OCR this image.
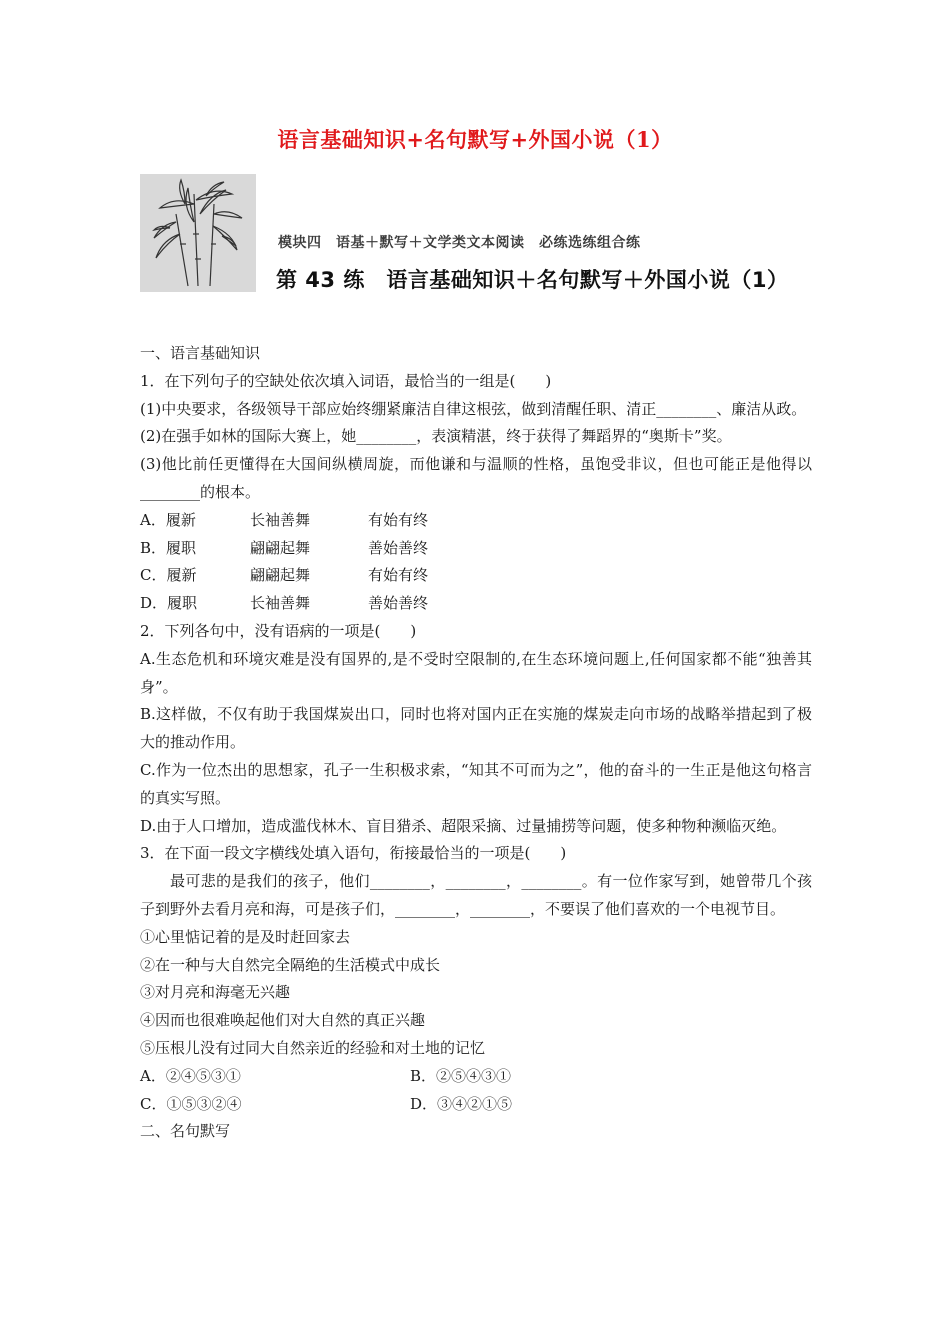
语言基础知识+名句默写+外国小说（1）
模块四　语基＋默写＋文学类文本阅读　必练选练组合练
第 43 练　语言基础知识＋名句默写＋外国小说（1）

一、语言基础知识

1．在下列句子的空缺处依次填入词语，最恰当的一组是(　　)

(1)中央要求，各级领导干部应始终绷紧廉洁自律这根弦，做到清醒任职、清正________、廉洁从政。

(2)在强手如林的国际大赛上，她________，表演精湛，终于获得了舞蹈界的“奥斯卡”奖。

(3)他比前任更懂得在大国间纵横周旋，而他谦和与温顺的性格，虽饱受非议，但也可能正是他得以________的根本。

A．履新	长袖善舞	有始有终
B．履职	翩翩起舞	善始善终
C．履新	翩翩起舞	有始有终
D．履职	长袖善舞	善始善终

2．下列各句中，没有语病的一项是(　　)

A.生态危机和环境灾难是没有国界的,是不受时空限制的,在生态环境问题上,任何国家都不能“独善其身”。

B.这样做，不仅有助于我国煤炭出口，同时也将对国内正在实施的煤炭走向市场的战略举措起到了极大的推动作用。

C.作为一位杰出的思想家，孔子一生积极求索，“知其不可而为之”，他的奋斗的一生正是他这句格言的真实写照。

D.由于人口增加，造成滥伐林木、盲目猎杀、超限采摘、过量捕捞等问题，使多种物种濒临灭绝。

3．在下面一段文字横线处填入语句，衔接最恰当的一项是(　　)

最可悲的是我们的孩子，他们________，________，________。有一位作家写到，她曾带几个孩子到野外去看月亮和海，可是孩子们，________，________，不要误了他们喜欢的一个电视节目。

①心里惦记着的是及时赶回家去

②在一种与大自然完全隔绝的生活模式中成长

③对月亮和海毫无兴趣

④因而也很难唤起他们对大自然的真正兴趣

⑤压根儿没有过同大自然亲近的经验和对土地的记忆

A．②④⑤③①	B．②⑤④③①
C．①⑤③②④	D．③④②①⑤

二、名句默写
